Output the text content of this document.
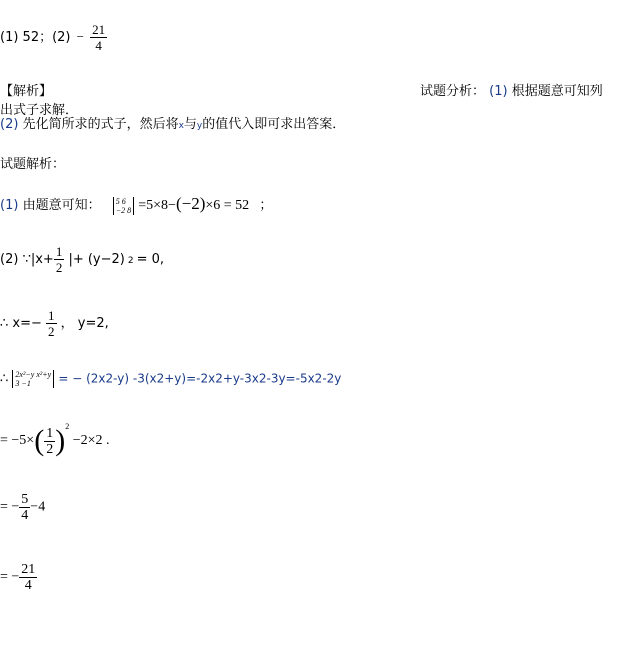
(1) 52；$(2) - \frac{21}{4}$
【解析】	试题分析： (1) 根据题意可知列
出式子求解．
(2) 先化简所求的式子，然后将x与y的值代入即可求出答案．
试题解析：
(1) 由题意可知： 5 6
−2 8 =5×8−(−2)×6 = 52 ；
(2) ∵|x+ $\frac{1}{2}$ |+ (y−2) 2 = 0,
∴ $x=- \frac{1}{2}$ ， y=2,
∴ 2x²−y x²+y
3 −1	= − (2x2-y) -3(x2+y)=-2x2+y-3x2-3y=-5x2-2y
= $-5\times( \frac{1}{2} )^2 -2\times 2$ .
= − $\frac{5}{4} -4$
= − $\frac{21}{4}$
